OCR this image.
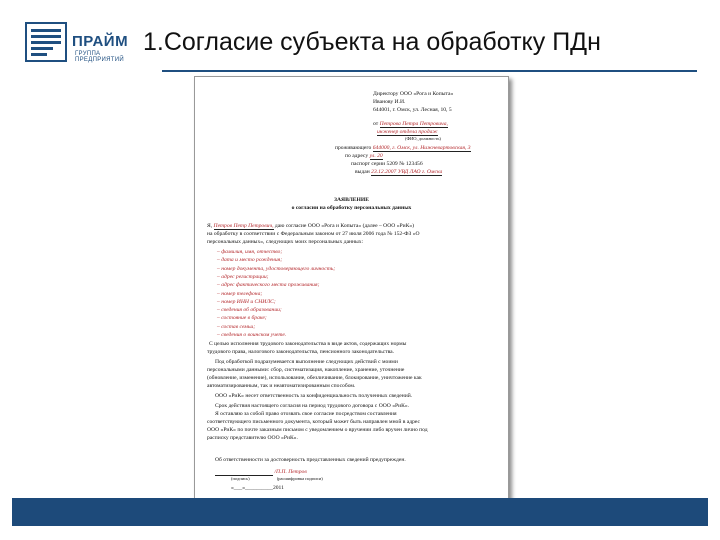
ПРАЙМ
ГРУППА ПРЕДПРИЯТИЙ
1.Согласие субъекта на обработку ПДн
Директору ООО «Рога и Копыта»
Иванову И.И.
644001, г. Омск, ул. Лесная, 10, 5
от Петрова Петра Петровича,
инженер отдела продаж
(ФИО, должность)
проживающего 644000, г. Омск, ул. Нижневартовская, 3
по адресу ул. 20
паспорт серии 5209 № 123456
выдан 23.12.2007 УВД ЛАО г. Омска
ЗАЯВЛЕНИЕ
о согласии на обработку персональных данных
Я, Петров Петр Петрович, даю согласие ООО «Рога и Копыта» (далее – ООО «РиК»)
на обработку в соответствии с Федеральным законом от 27 июля 2006 года № 152-ФЗ «О
персональных данных», следующих моих персональных данных:
– фамилия, имя, отчество;
– дата и место рождения;
– номер документа, удостоверяющего личность;
– адрес регистрации;
– адрес фактического места проживания;
– номер телефона;
– номер ИНН и СНИЛС;
– сведения об образовании;
– состояние в браке;
– состав семьи;
– сведения о воинском учете.
С целью исполнения трудового законодательства в виде актов, содержащих нормы
трудового права, налогового законодательства, пенсионного законодательства.
Под обработкой подразумевается выполнение следующих действий с моими
персональными данными: сбор, систематизация, накопление, хранение, уточнение
(обновление, изменение), использование, обезличивание, блокирование, уничтожение как
автоматизированным, так и неавтоматизированным способом.
ООО «РиК» несет ответственность за конфиденциальность полученных сведений.
Срок действия настоящего согласия на период трудового договора с ООО «РиК».
Я оставляю за собой право отозвать свое согласие посредством составления
соответствующего письменного документа, который может быть направлен мной в адрес
ООО «РиК» по почте заказным письмом с уведомлением о вручении либо вручен лично под
расписку представителю ООО «РиК».
Об ответственности за достоверность представленных сведений предупрежден.
/П.П. Петров
(подпись)	(расшифровка подписи)
«___»__________2011
